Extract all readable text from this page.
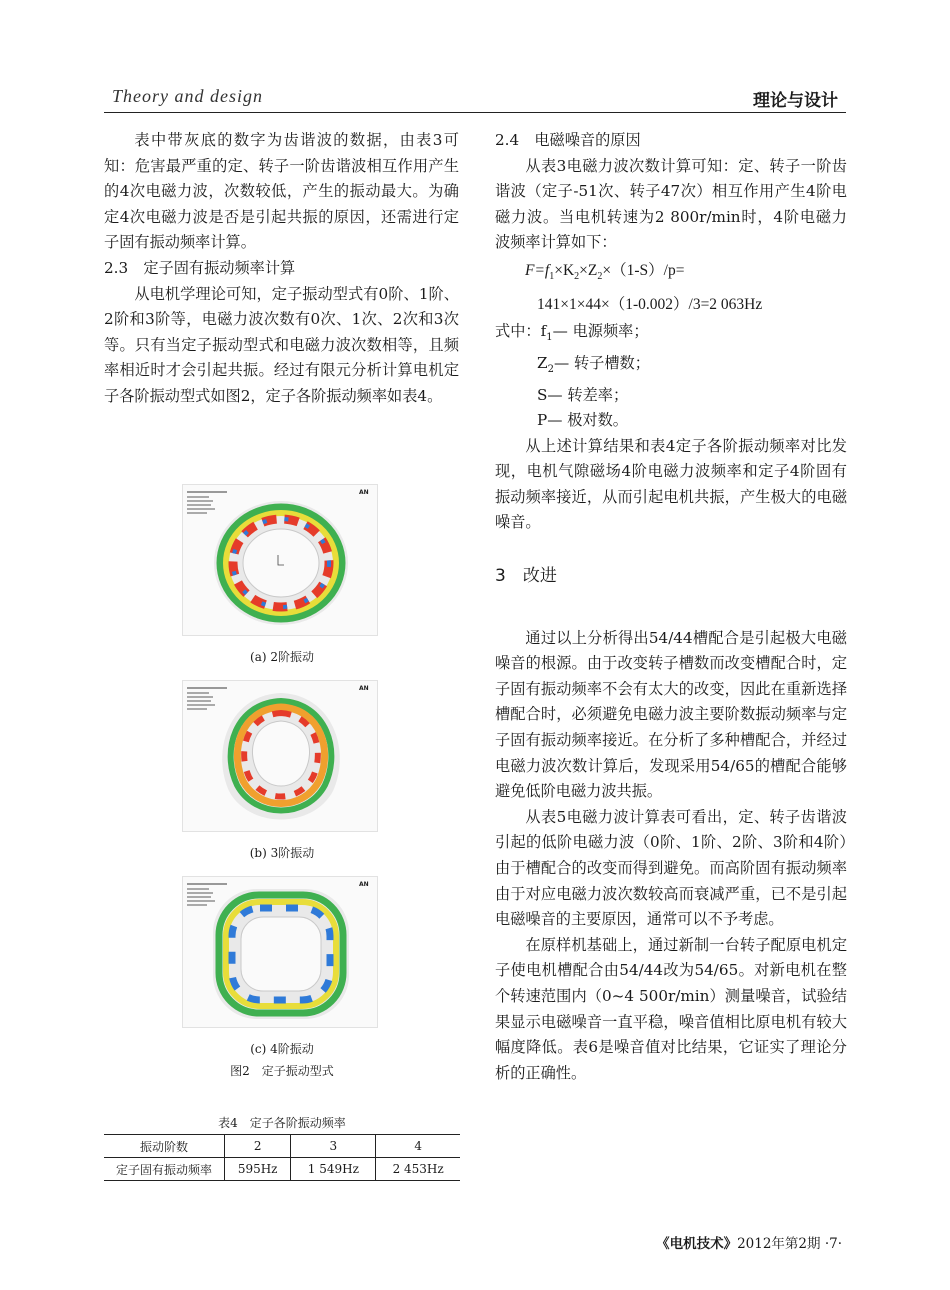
Theory and design	理论与设计

表中带灰底的数字为齿谐波的数据，由表3可知：危害最严重的定、转子一阶齿谐波相互作用产生的4次电磁力波，次数较低，产生的振动最大。为确定4次电磁力波是否是引起共振的原因，还需进行定子固有振动频率计算。

2.3　定子固有振动频率计算

从电机学理论可知，定子振动型式有0阶、1阶、2阶和3阶等，电磁力波次数有0次、1次、2次和3次等。只有当定子振动型式和电磁力波次数相等，且频率相近时才会引起共振。经过有限元分析计算电机定子各阶振动型式如图2，定子各阶振动频率如表4。

AN
(a) 2阶振动
AN
(b) 3阶振动
AN
(c) 4阶振动
图2　定子振动型式
表4　定子各阶振动频率
振动阶数	2	3	4
定子固有振动频率	595Hz	1 549Hz	2 453Hz

2.4　电磁噪音的原因

从表3电磁力波次数计算可知：定、转子一阶齿谐波（定子-51次、转子47次）相互作用产生4阶电磁力波。当电机转速为2 800r/min时，4阶电磁力波频率计算如下：

$F=f_1\times K_2\times Z_2\times(1-S)/p=$

141×1×44×（1-0.002）/3=2 063Hz

式中：$f_1—$ 电源频率；

$Z_2—$ 转子槽数；

S— 转差率；

P— 极对数。

从上述计算结果和表4定子各阶振动频率对比发现，电机气隙磁场4阶电磁力波频率和定子4阶固有振动频率接近，从而引起电机共振，产生极大的电磁噪音。

3　改进

通过以上分析得出54/44槽配合是引起极大电磁噪音的根源。由于改变转子槽数而改变槽配合时，定子固有振动频率不会有太大的改变，因此在重新选择槽配合时，必须避免电磁力波主要阶数振动频率与定子固有振动频率接近。在分析了多种槽配合，并经过电磁力波次数计算后，发现采用54/65的槽配合能够避免低阶电磁力波共振。

从表5电磁力波计算表可看出，定、转子齿谐波引起的低阶电磁力波（0阶、1阶、2阶、3阶和4阶）由于槽配合的改变而得到避免。而高阶固有振动频率由于对应电磁力波次数较高而衰减严重，已不是引起电磁噪音的主要原因，通常可以不予考虑。

在原样机基础上，通过新制一台转子配原电机定子使电机槽配合由54/44改为54/65。对新电机在整个转速范围内（0~4 500r/min）测量噪音，试验结果显示电磁噪音一直平稳，噪音值相比原电机有较大幅度降低。表6是噪音值对比结果，它证实了理论分析的正确性。

《电机技术》2012年第2期 ·7·
